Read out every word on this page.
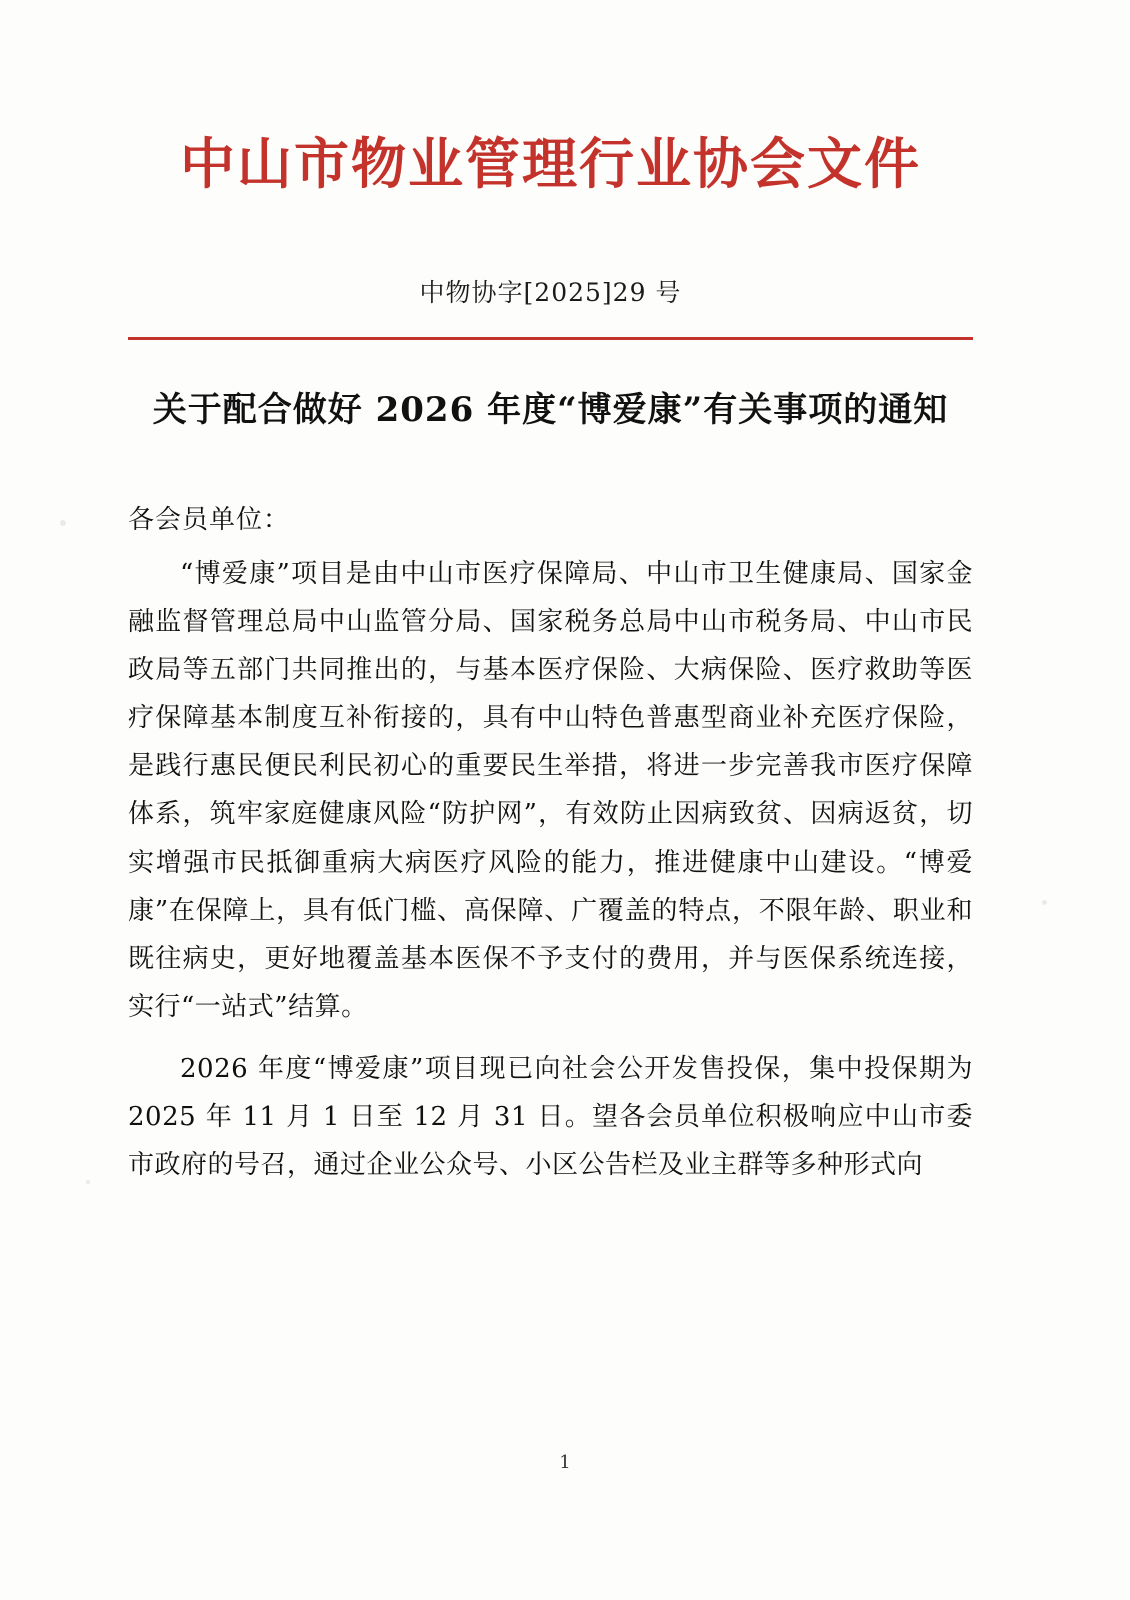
中山市物业管理行业协会文件
中物协字[2025]29 号
关于配合做好 2026 年度“博爱康”有关事项的通知
各会员单位：
“博爱康”项目是由中山市医疗保障局、中山市卫生健康局、国家金融监督管理总局中山监管分局、国家税务总局中山市税务局、中山市民政局等五部门共同推出的，与基本医疗保险、大病保险、医疗救助等医疗保障基本制度互补衔接的，具有中山特色普惠型商业补充医疗保险，是践行惠民便民利民初心的重要民生举措，将进一步完善我市医疗保障体系，筑牢家庭健康风险“防护网”，有效防止因病致贫、因病返贫，切实增强市民抵御重病大病医疗风险的能力，推进健康中山建设。“博爱康”在保障上，具有低门槛、高保障、广覆盖的特点，不限年龄、职业和既往病史，更好地覆盖基本医保不予支付的费用，并与医保系统连接，实行“一站式”结算。
2026 年度“博爱康”项目现已向社会公开发售投保，集中投保期为 2025 年 11 月 1 日至 12 月 31 日。望各会员单位积极响应中山市委市政府的号召，通过企业公众号、小区公告栏及业主群等多种形式向
1
